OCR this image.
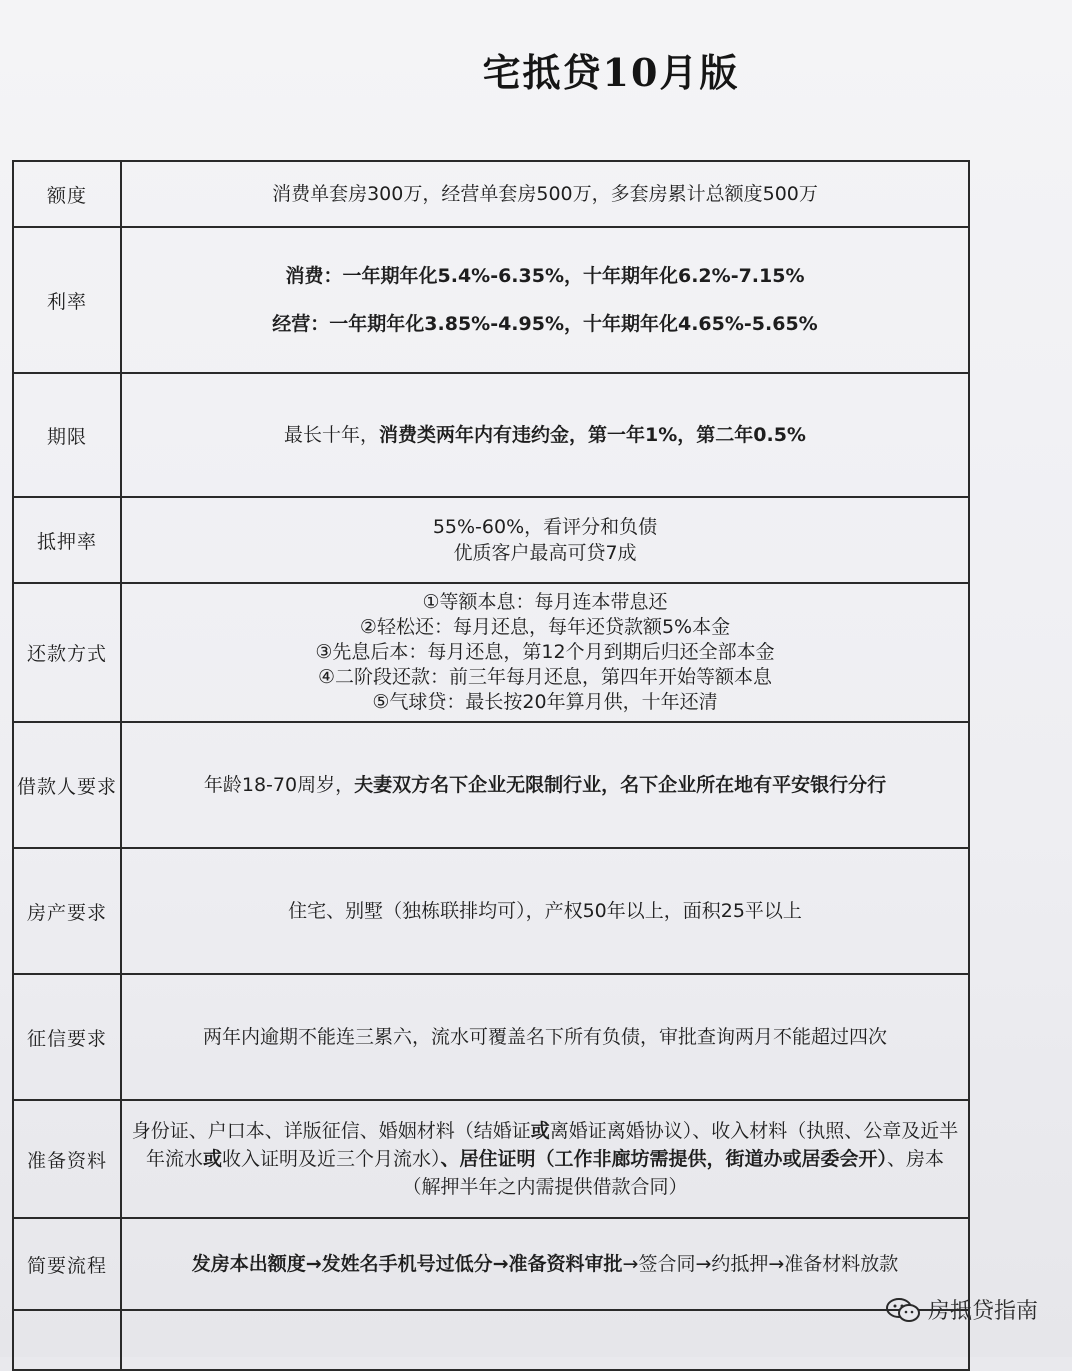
宅抵贷10月版
额度	消费单套房300万，经营单套房500万，多套房累计总额度500万
利率	消费：一年期年化5.4%-6.35%，十年期年化6.2%-7.15%
经营：一年期年化3.85%-4.95%，十年期年化4.65%-5.65%

期限	最长十年，消费类两年内有违约金，第一年1%，第二年0.5%
抵押率	55%-60%，看评分和负债
优质客户最高可贷7成

还款方式	①等额本息：每月连本带息还
②轻松还：每月还息，每年还贷款额5%本金
③先息后本：每月还息，第12个月到期后归还全部本金
④二阶段还款：前三年每月还息，第四年开始等额本息
⑤气球贷：最长按20年算月供，十年还清

借款人要求	年龄18-70周岁，夫妻双方名下企业无限制行业，名下企业所在地有平安银行分行
房产要求	住宅、别墅（独栋联排均可），产权50年以上，面积25平以上
征信要求	两年内逾期不能连三累六，流水可覆盖名下所有负债，审批查询两月不能超过四次
准备资料	身份证、户口本、详版征信、婚姻材料（结婚证或离婚证离婚协议）、收入材料（执照、公章及近半年流水或收入证明及近三个月流水）、居住证明（工作非廊坊需提供，街道办或居委会开）、房本（解押半年之内需提供借款合同）
简要流程	发房本出额度→发姓名手机号过低分→准备资料审批→签合同→约抵押→准备材料放款

房抵贷指南
